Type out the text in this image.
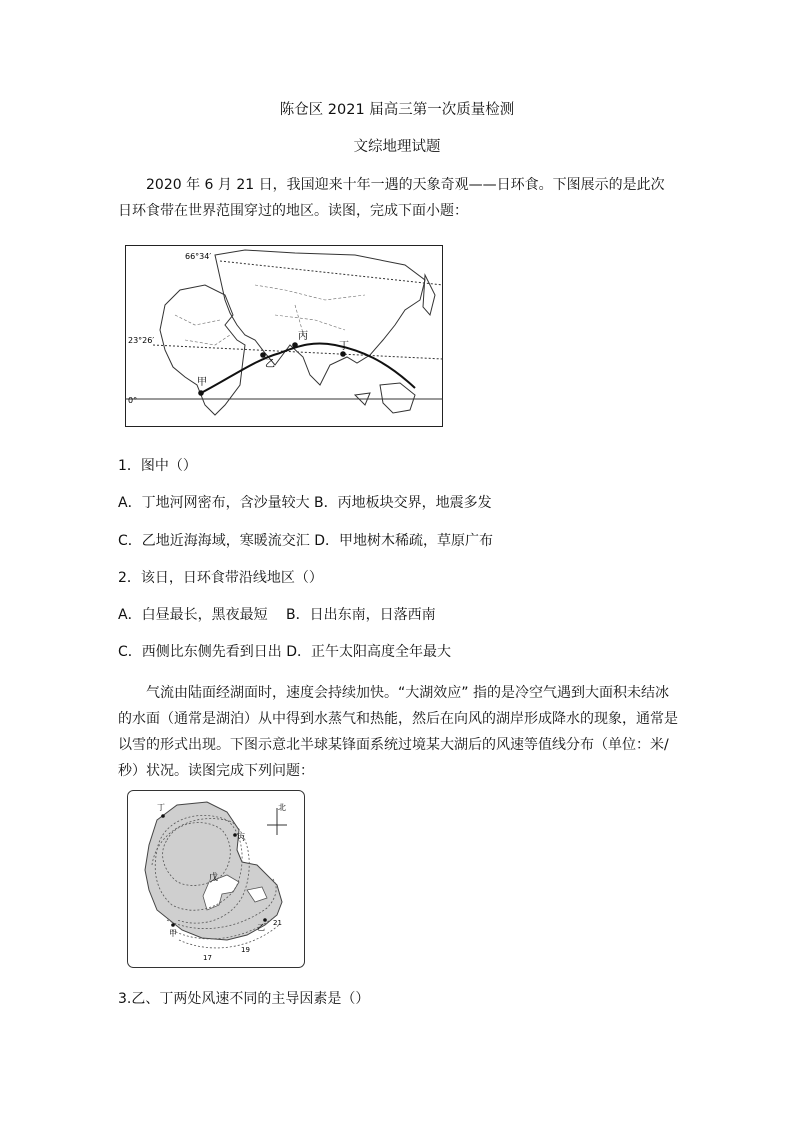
陈仓区 2021 届高三第一次质量检测
文综地理试题
2020 年 6 月 21 日，我国迎来十年一遇的天象奇观——日环食。下图展示的是此次日环食带在世界范围穿过的地区。读图，完成下面小题：
66°34′
23°26′
0°
甲
乙
丙
丁
1．图中（）
A．丁地河网密布，含沙量较大 B．丙地板块交界，地震多发
C．乙地近海海域，寒暖流交汇 D．甲地树木稀疏，草原广布
2．该日，日环食带沿线地区（）
A．白昼最长，黑夜最短　 B．日出东南，日落西南
C．西侧比东侧先看到日出 D．正午太阳高度全年最大
气流由陆面经湖面时，速度会持续加快。“大湖效应” 指的是冷空气遇到大面积未结冰的水面（通常是湖泊）从中得到水蒸气和热能，然后在向风的湖岸形成降水的现象，通常是以雪的形式出现。下图示意北半球某锋面系统过境某大湖后的风速等值线分布（单位：米/秒）状况。读图完成下列问题：
北
丁
丙
戊
甲
乙 21
19
17
3.乙、丁两处风速不同的主导因素是（）
